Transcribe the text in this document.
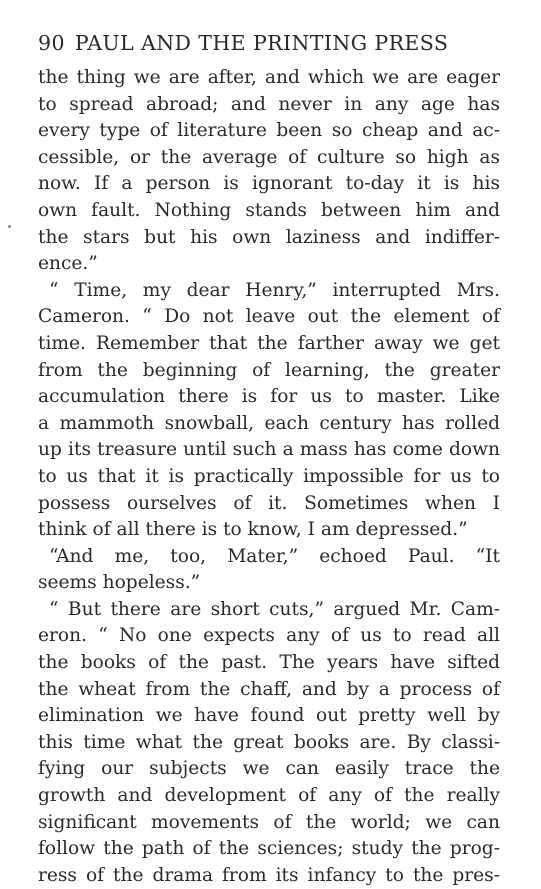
90 PAUL AND THE PRINTING PRESS
the thing we are after, and which we are eager
to spread abroad; and never in any age has
every type of literature been so cheap and ac-
cessible, or the average of culture so high as
now. If a person is ignorant to-day it is his
own fault. Nothing stands between him and
the stars but his own laziness and indiffer-
ence.”
“ Time, my dear Henry,” interrupted Mrs.
Cameron. “ Do not leave out the element of
time. Remember that the farther away we get
from the beginning of learning, the greater
accumulation there is for us to master. Like
a mammoth snowball, each century has rolled
up its treasure until such a mass has come down
to us that it is practically impossible for us to
possess ourselves of it. Sometimes when I
think of all there is to know, I am depressed.”
“And me, too, Mater,” echoed Paul. “It
seems hopeless.”
“ But there are short cuts,” argued Mr. Cam-
eron. “ No one expects any of us to read all
the books of the past. The years have sifted
the wheat from the chaff, and by a process of
elimination we have found out pretty well by
this time what the great books are. By classi-
fying our subjects we can easily trace the
growth and development of any of the really
significant movements of the world; we can
follow the path of the sciences; study the prog-
ress of the drama from its infancy to the pres-
